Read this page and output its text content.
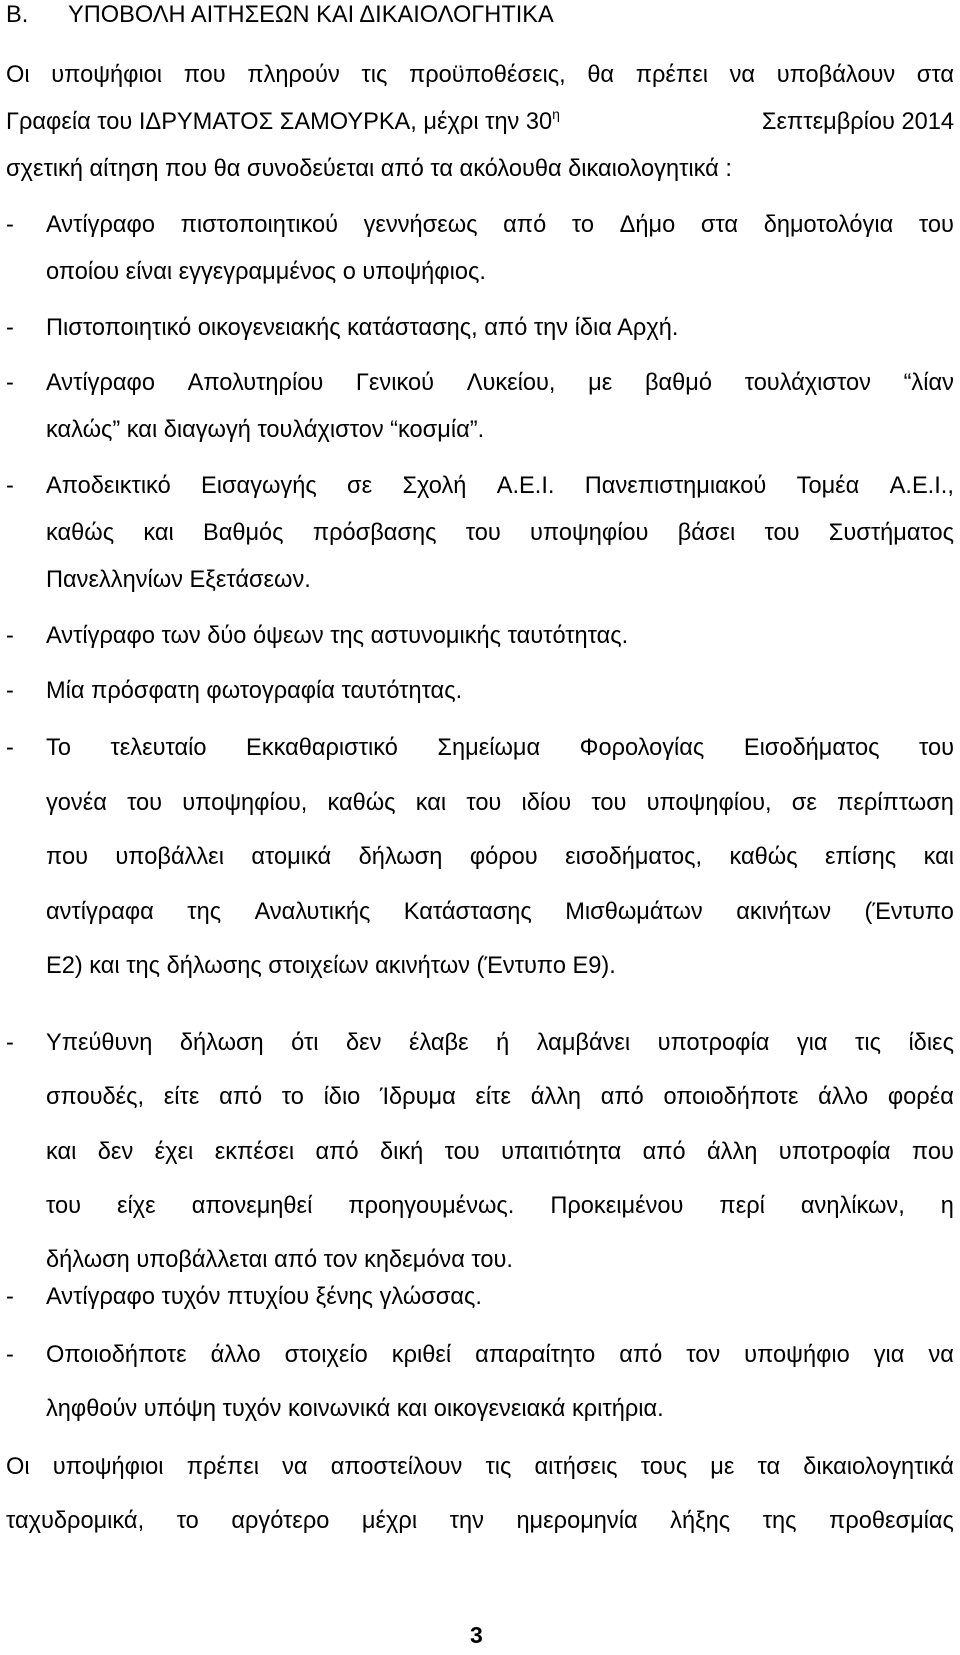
Β. ΥΠΟΒΟΛΗ ΑΙΤΗΣΕΩΝ ΚΑΙ ΔΙΚΑΙΟΛΟΓΗΤΙΚΑ
Οι υποψήφιοι που πληρούν τις προϋποθέσεις, θα πρέπει να υποβάλουν στα
Γραφεία του ΙΔΡΥΜΑΤΟΣ ΣΑΜΟΥΡΚΑ, μέχρι την $30^\eta$	Σεπτεμβρίου 2014
σχετική αίτηση που θα συνοδεύεται από τα ακόλουθα δικαιολογητικά :
-	Αντίγραφο πιστοποιητικού γεννήσεως από το Δήμο στα δημοτολόγια του
οποίου είναι εγγεγραμμένος ο υποψήφιος.
-	Πιστοποιητικό οικογενειακής κατάστασης, από την ίδια Αρχή.
-	Αντίγραφο Απολυτηρίου Γενικού Λυκείου, με βαθμό τουλάχιστον “λίαν
καλώς” και διαγωγή τουλάχιστον “κοσμία”.
-	Αποδεικτικό Εισαγωγής σε Σχολή Α.Ε.Ι. Πανεπιστημιακού Τομέα Α.Ε.Ι.,
καθώς και Βαθμός πρόσβασης του υποψηφίου βάσει του Συστήματος
Πανελληνίων Εξετάσεων.
-	Αντίγραφο των δύο όψεων της αστυνομικής ταυτότητας.
-	Μία πρόσφατη φωτογραφία ταυτότητας.
-	Το τελευταίο Εκκαθαριστικό Σημείωμα Φορολογίας Εισοδήματος του
γονέα του υποψηφίου, καθώς και του ιδίου του υποψηφίου, σε περίπτωση
που υποβάλλει ατομικά δήλωση φόρου εισοδήματος, καθώς επίσης και
αντίγραφα της Αναλυτικής Κατάστασης Μισθωμάτων ακινήτων (Έντυπο
Ε2) και της δήλωσης στοιχείων ακινήτων (Έντυπο Ε9).
-	Υπεύθυνη δήλωση ότι δεν έλαβε ή λαμβάνει υποτροφία για τις ίδιες
σπουδές, είτε από το ίδιο Ίδρυμα είτε άλλη από οποιοδήποτε άλλο φορέα
και δεν έχει εκπέσει από δική του υπαιτιότητα από άλλη υποτροφία που
του είχε απονεμηθεί προηγουμένως. Προκειμένου περί ανηλίκων, η
δήλωση υποβάλλεται από τον κηδεμόνα του.
-	Αντίγραφο τυχόν πτυχίου ξένης γλώσσας.
-	Οποιοδήποτε άλλο στοιχείο κριθεί απαραίτητο από τον υποψήφιο για να
ληφθούν υπόψη τυχόν κοινωνικά και οικογενειακά κριτήρια.
Οι υποψήφιοι πρέπει να αποστείλουν τις αιτήσεις τους με τα δικαιολογητικά
ταχυδρομικά, το αργότερο μέχρι την ημερομηνία λήξης της προθεσμίας
3
